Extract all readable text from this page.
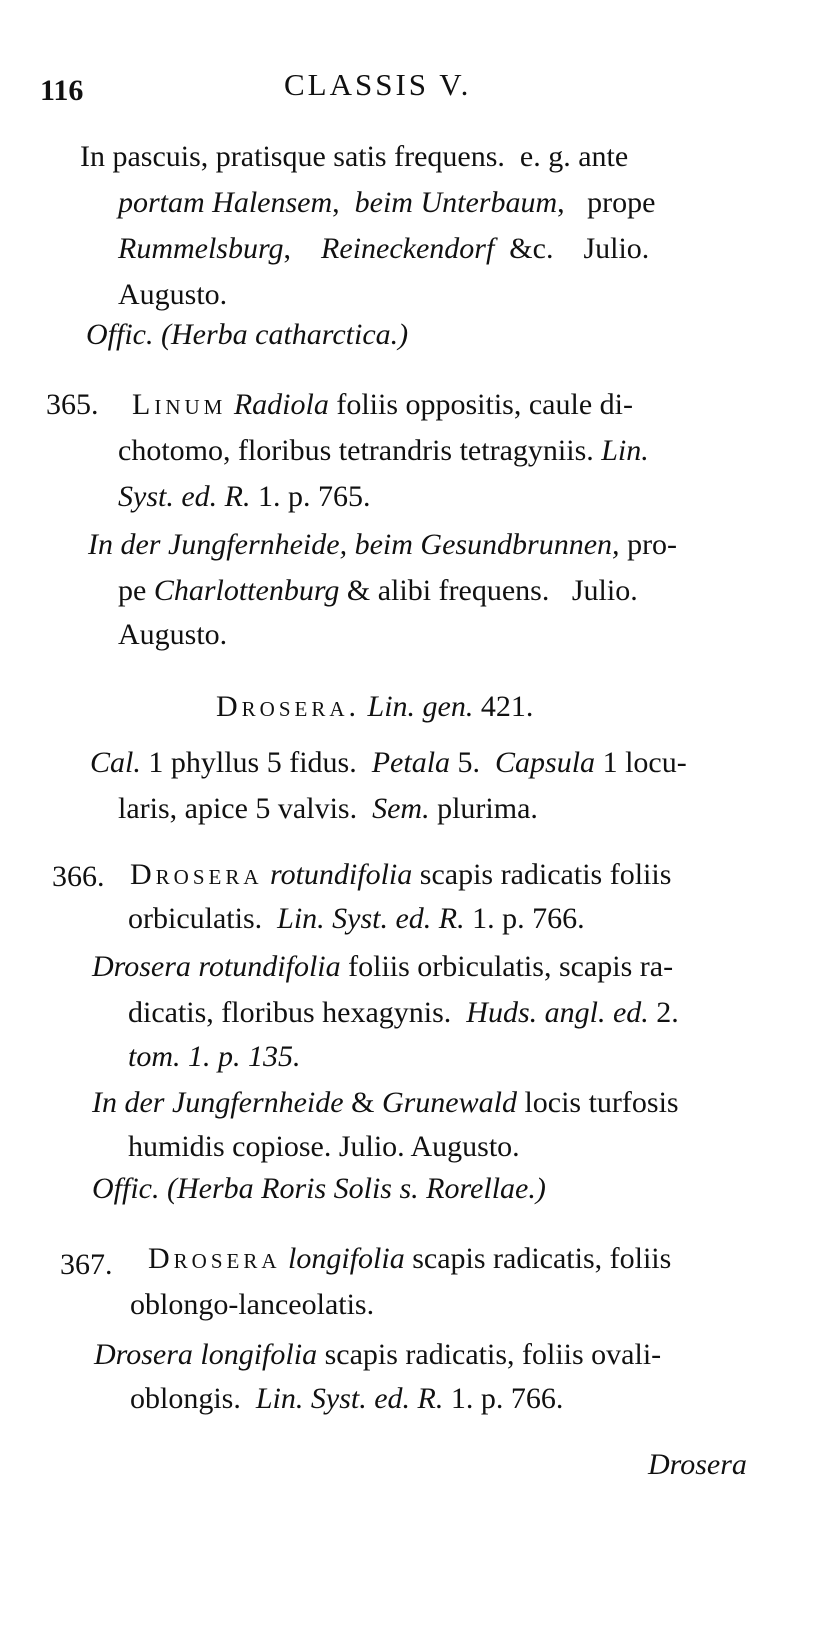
116	CLASSIS V.
In pascuis, pratisque satis frequens. e. g. ante
portam Halensem, beim Unterbaum, prope
Rummelsburg, Reineckendorf &c. Julio.
Augusto.
Offic. (Herba catharctica.)
365. Linum Radiola foliis oppositis, caule di-
chotomo, floribus tetrandris tetragyniis. Lin.
Syst. ed. R. 1. p. 765.
In der Jungfernheide, beim Gesundbrunnen, pro-
pe Charlottenburg & alibi frequens. Julio.
Augusto.
Drosera. Lin. gen. 421.
Cal. 1 phyllus 5 fidus. Petala 5. Capsula 1 locu-
laris, apice 5 valvis. Sem. plurima.
366. Drosera rotundifolia scapis radicatis foliis
orbiculatis. Lin. Syst. ed. R. 1. p. 766.
Drosera rotundifolia foliis orbiculatis, scapis ra-
dicatis, floribus hexagynis. Huds. angl. ed. 2.
tom. 1. p. 135.
In der Jungfernheide & Grunewald locis turfosis
humidis copiose. Julio. Augusto.
Offic. (Herba Roris Solis s. Rorellae.)
367. Drosera longifolia scapis radicatis, foliis
oblongo-lanceolatis.
Drosera longifolia scapis radicatis, foliis ovali-
oblongis. Lin. Syst. ed. R. 1. p. 766.
Drosera
